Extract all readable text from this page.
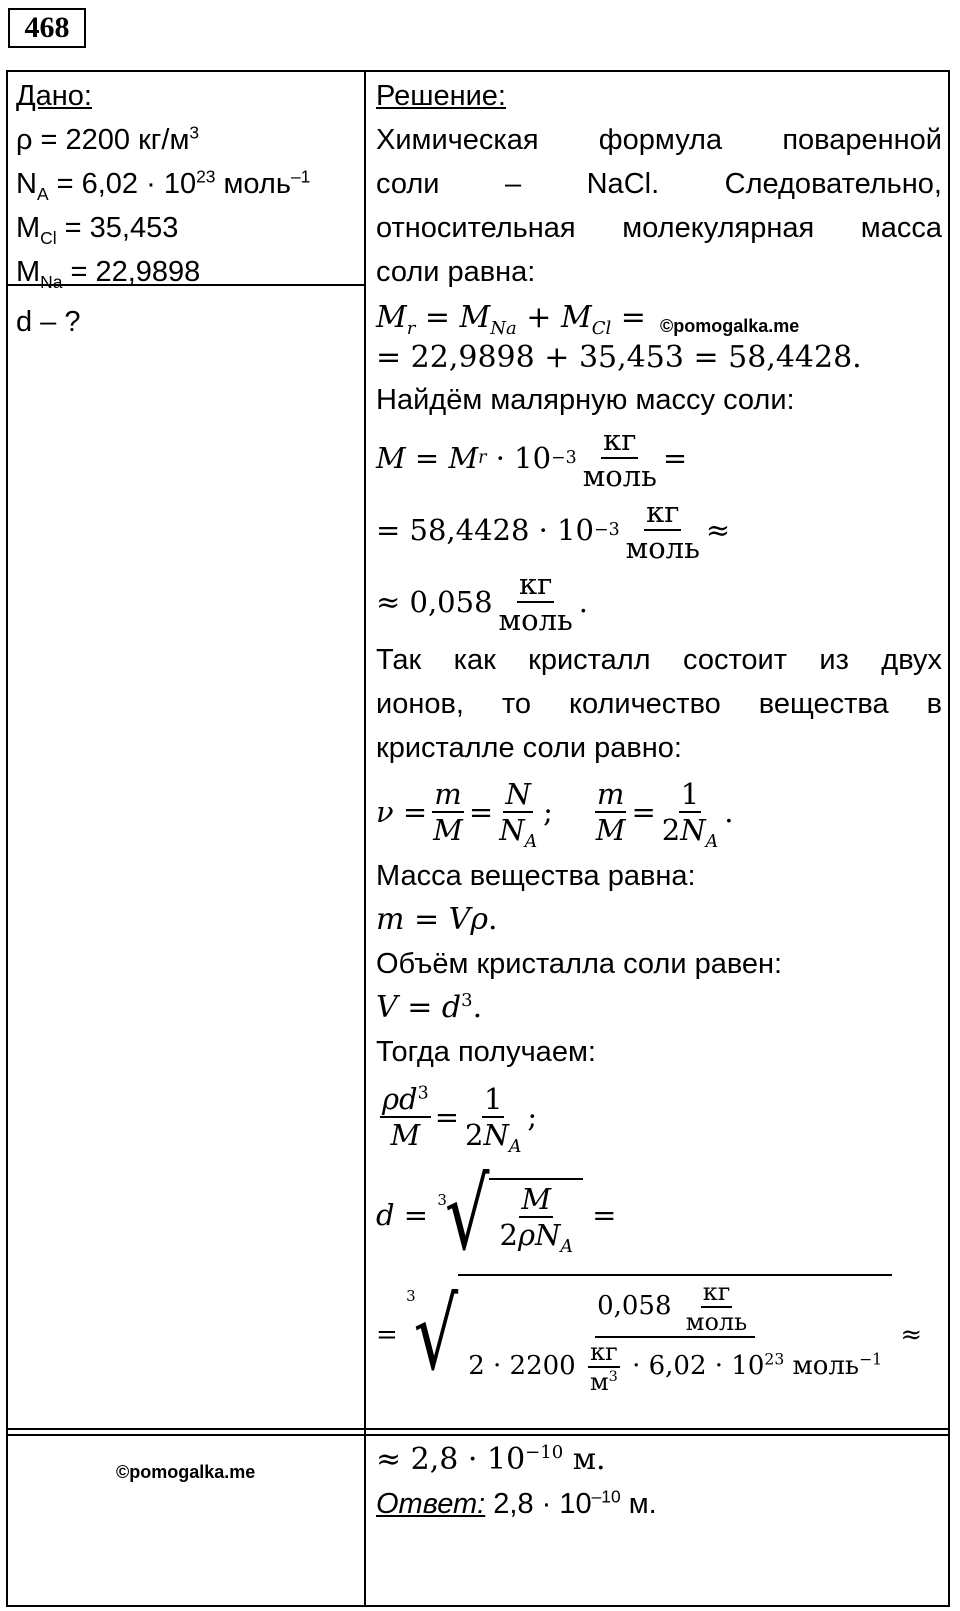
468
Дано:
ρ = 2200 $кг/м^3$
$N_A = 6,02 \cdot 10^{23}$ моль$^{-1}$
$M_{Cl} = 35,453$
$M_{Na} = 22,9898$
d – ?
Решение:
Химическая формула поваренной
соли – NaCl. Следовательно,
относительная молекулярная масса
соли равна:
$M_r = M_{Na} + M_{Cl}$ =
= 22,9898 + 35,453 = 58,4428.
Найдём малярную массу соли:
M = M $r \cdot 10 -3 \frac{кг}{\text{моль}}$ =
= $58,4428 \cdot 10 -3 \frac{кг}{\text{моль}}$ ≈
≈ $0,058 \frac{кг}{\text{моль}}$ .
Так как кристалл состоит из двух
ионов, то количество вещества в
кристалле соли равно:
$\nu = \frac{m}{M} = \frac{N}{N_A}$ ; $\frac{m}{M} = \frac{1}{2N_A}$ .
Масса вещества равна:
m = Vρ.
Объём кристалла соли равен:
$V = d^3$.
Тогда получаем:
$\frac{\rho d^3}{M} = \frac{1}{2N_A}$ ;
d = 3
√ $\frac{M}{2\rho N_A}$ =
=
3
√ $\frac{0,058 \frac{кг}{\text{моль}}}{2 \cdot 2200 \frac{кг}{м^3} \cdot 6,02 \cdot 10^{23} моль^{-1}}$ ≈
≈ $2,8 \cdot 10^{-10}$ м.
Ответ: $2,8 \cdot 10^{-10}$ м.
©pomogalka.me
©pomogalka.me
